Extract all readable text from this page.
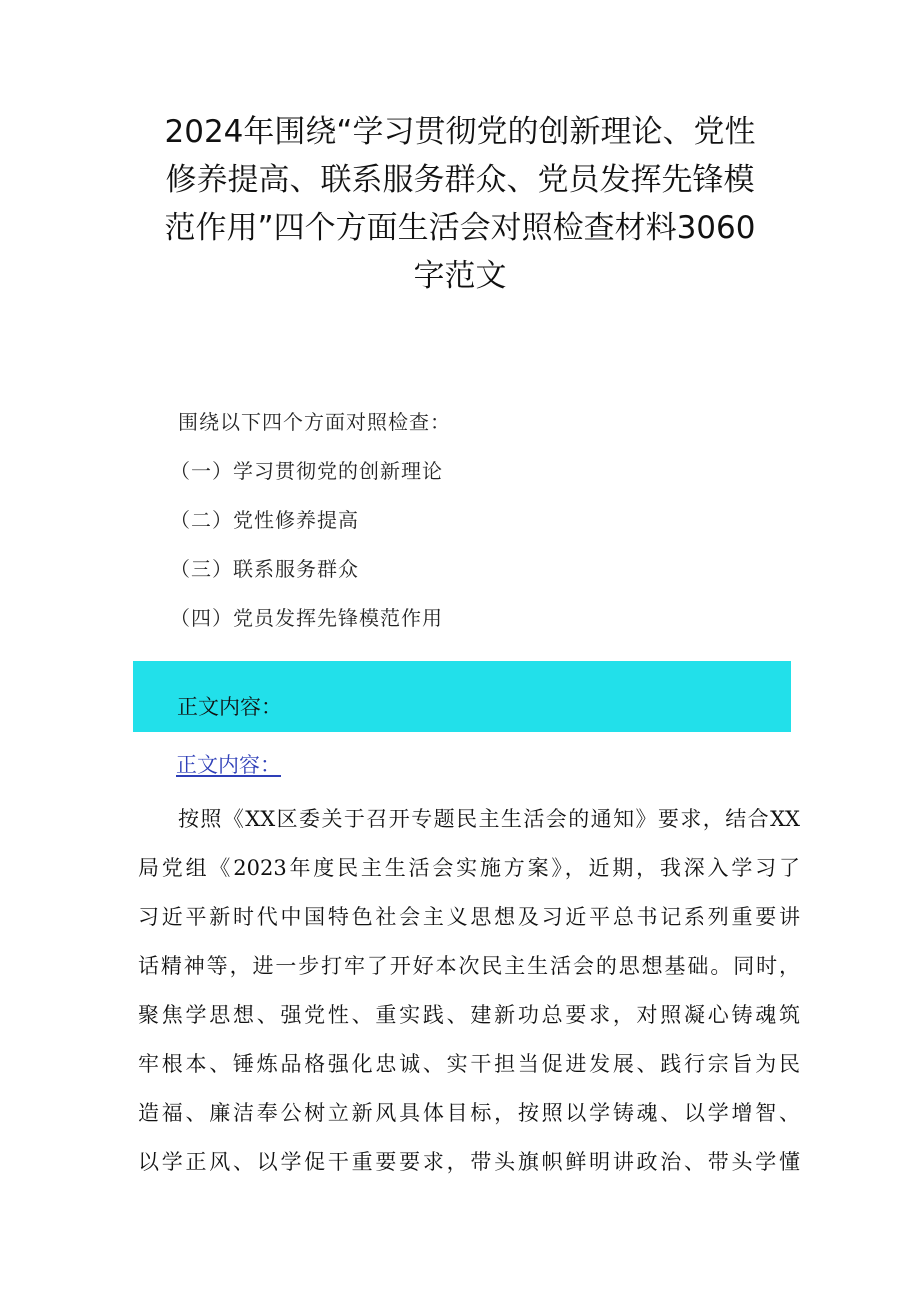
2024年围绕“学习贯彻党的创新理论、党性
修养提高、联系服务群众、党员发挥先锋模
范作用”四个方面生活会对照检查材料3060
字范文
围绕以下四个方面对照检查：
（一）学习贯彻党的创新理论
（二）党性修养提高
（三）联系服务群众
（四）党员发挥先锋模范作用
正文内容：
正文内容：
按照《XX区委关于召开专题民主生活会的通知》要求，结合XX
局党组《2023年度民主生活会实施方案》，近期，我深入学习了
习近平新时代中国特色社会主义思想及习近平总书记系列重要讲
话精神等，进一步打牢了开好本次民主生活会的思想基础。同时，
聚焦学思想、强党性、重实践、建新功总要求，对照凝心铸魂筑
牢根本、锤炼品格强化忠诚、实干担当促进发展、践行宗旨为民
造福、廉洁奉公树立新风具体目标，按照以学铸魂、以学增智、
以学正风、以学促干重要要求，带头旗帜鲜明讲政治、带头学懂
